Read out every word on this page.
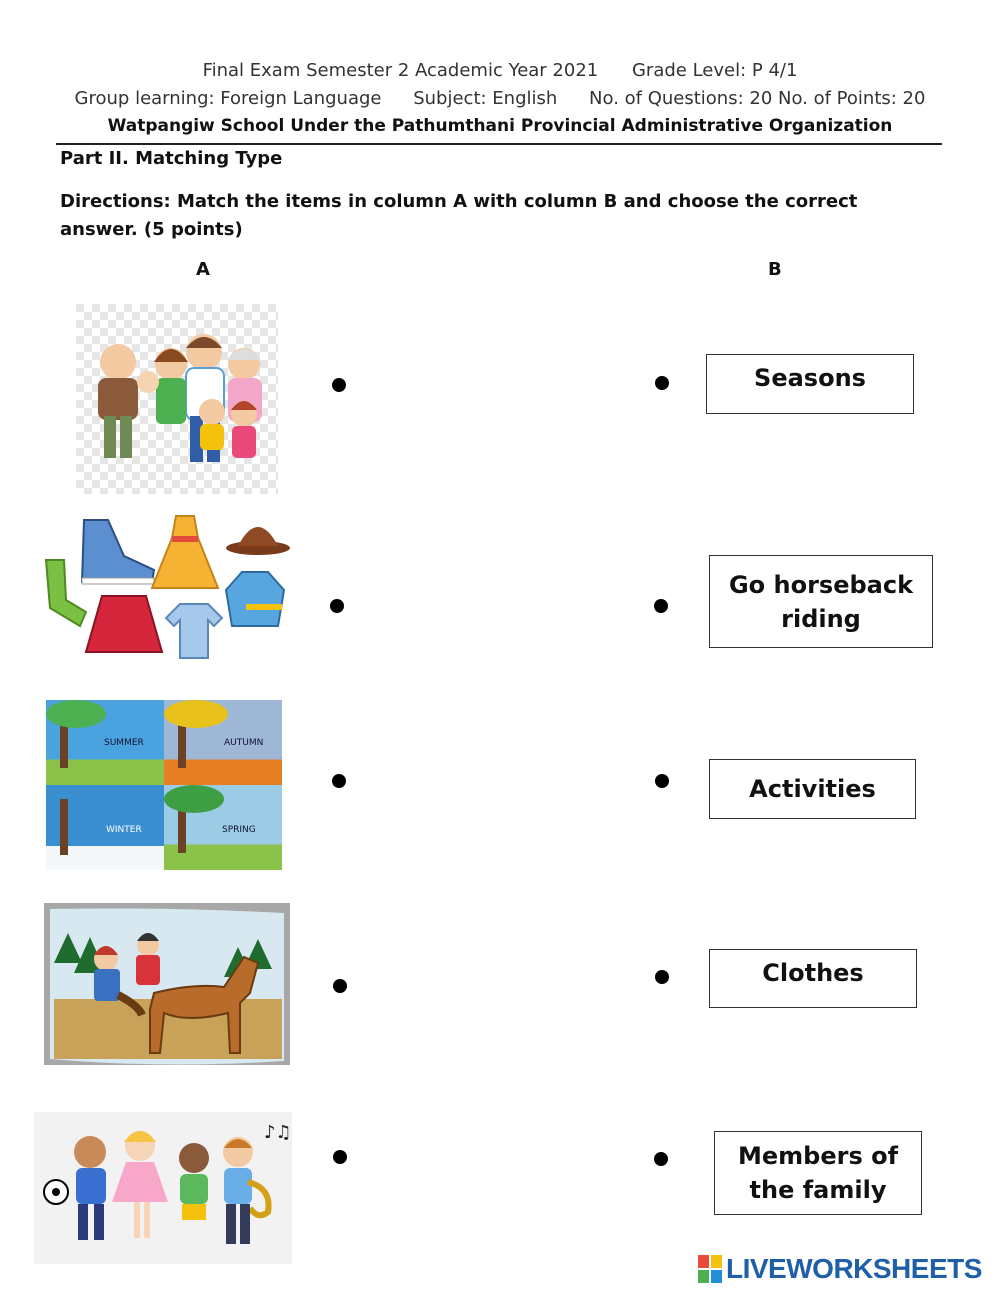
Final Exam Semester 2 Academic Year 2021 Grade Level: P 4/1
Group learning: Foreign Language Subject: English No. of Questions: 20 No. of Points: 20
Watpangiw School Under the Pathumthani Provincial Administrative Organization
Part II. Matching Type
Directions: Match the items in column A with column B and choose the correct answer. (5 points)
A	B
SUMMER	AUTUMN
WINTER	SPRING
♪♫
Seasons
Go horseback riding
Activities
Clothes
Members of the family
LIVEWORKSHEETS
